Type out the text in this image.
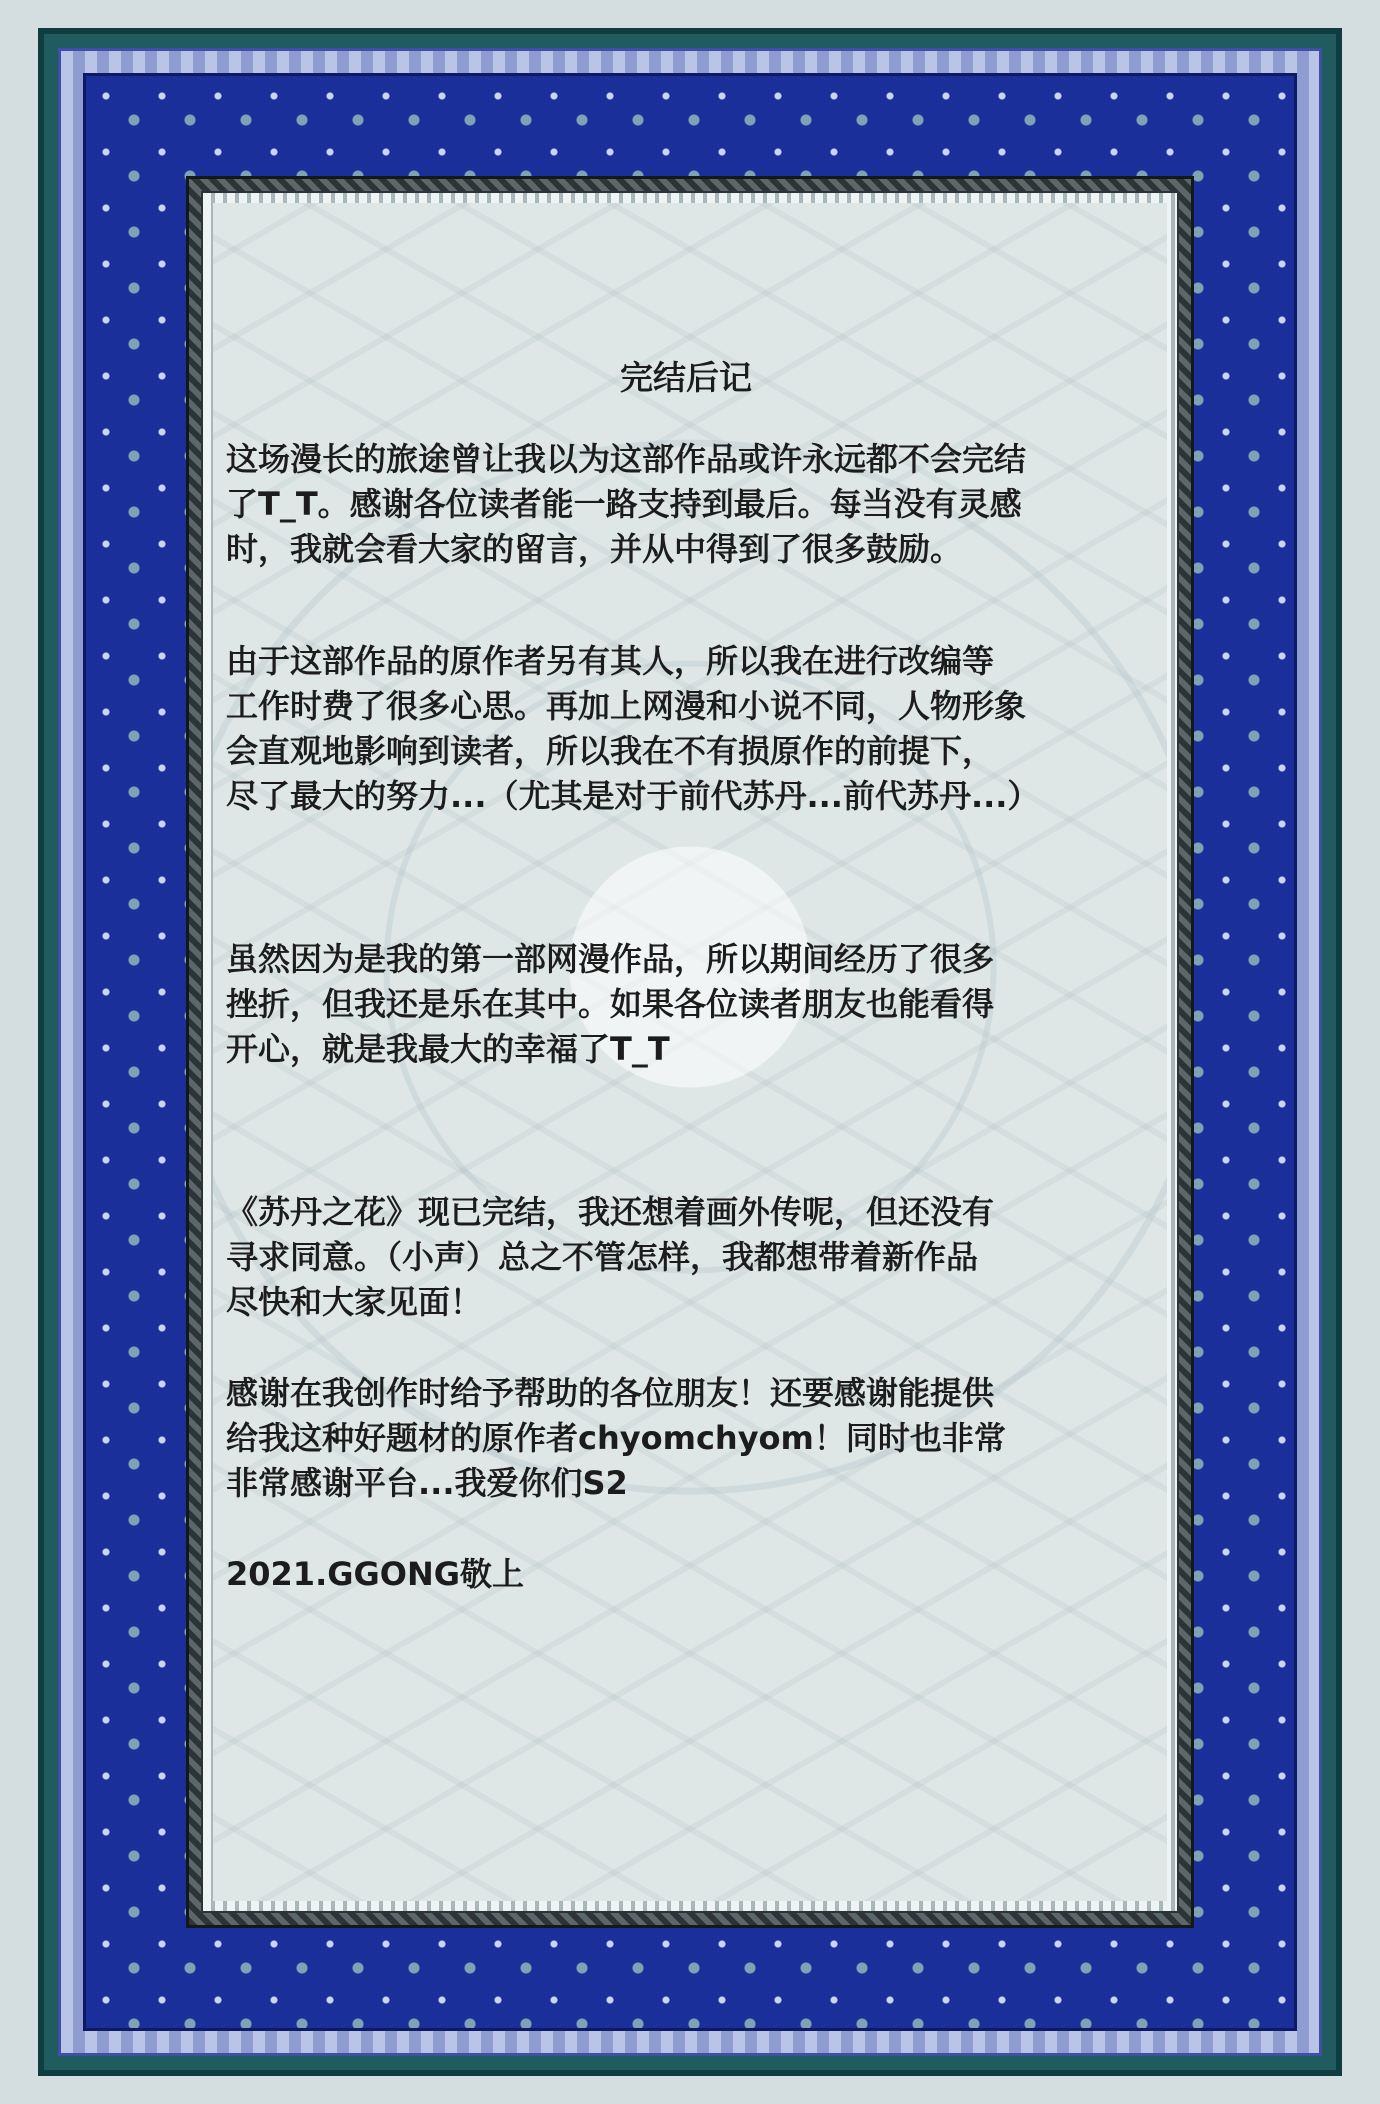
完结后记

这场漫长的旅途曾让我以为这部作品或许永远都不会完结
了T_T。感谢各位读者能一路支持到最后。每当没有灵感
时，我就会看大家的留言，并从中得到了很多鼓励。

由于这部作品的原作者另有其人，所以我在进行改编等
工作时费了很多心思。再加上网漫和小说不同，人物形象
会直观地影响到读者，所以我在不有损原作的前提下，
尽了最大的努力...（尤其是对于前代苏丹...前代苏丹...）

虽然因为是我的第一部网漫作品，所以期间经历了很多
挫折，但我还是乐在其中。如果各位读者朋友也能看得
开心，就是我最大的幸福了T_T

《苏丹之花》现已完结，我还想着画外传呢，但还没有
寻求同意。（小声）总之不管怎样，我都想带着新作品
尽快和大家见面！

感谢在我创作时给予帮助的各位朋友！还要感谢能提供
给我这种好题材的原作者chyomchyom！同时也非常
非常感谢平台...我爱你们S2

2021.GGONG敬上
